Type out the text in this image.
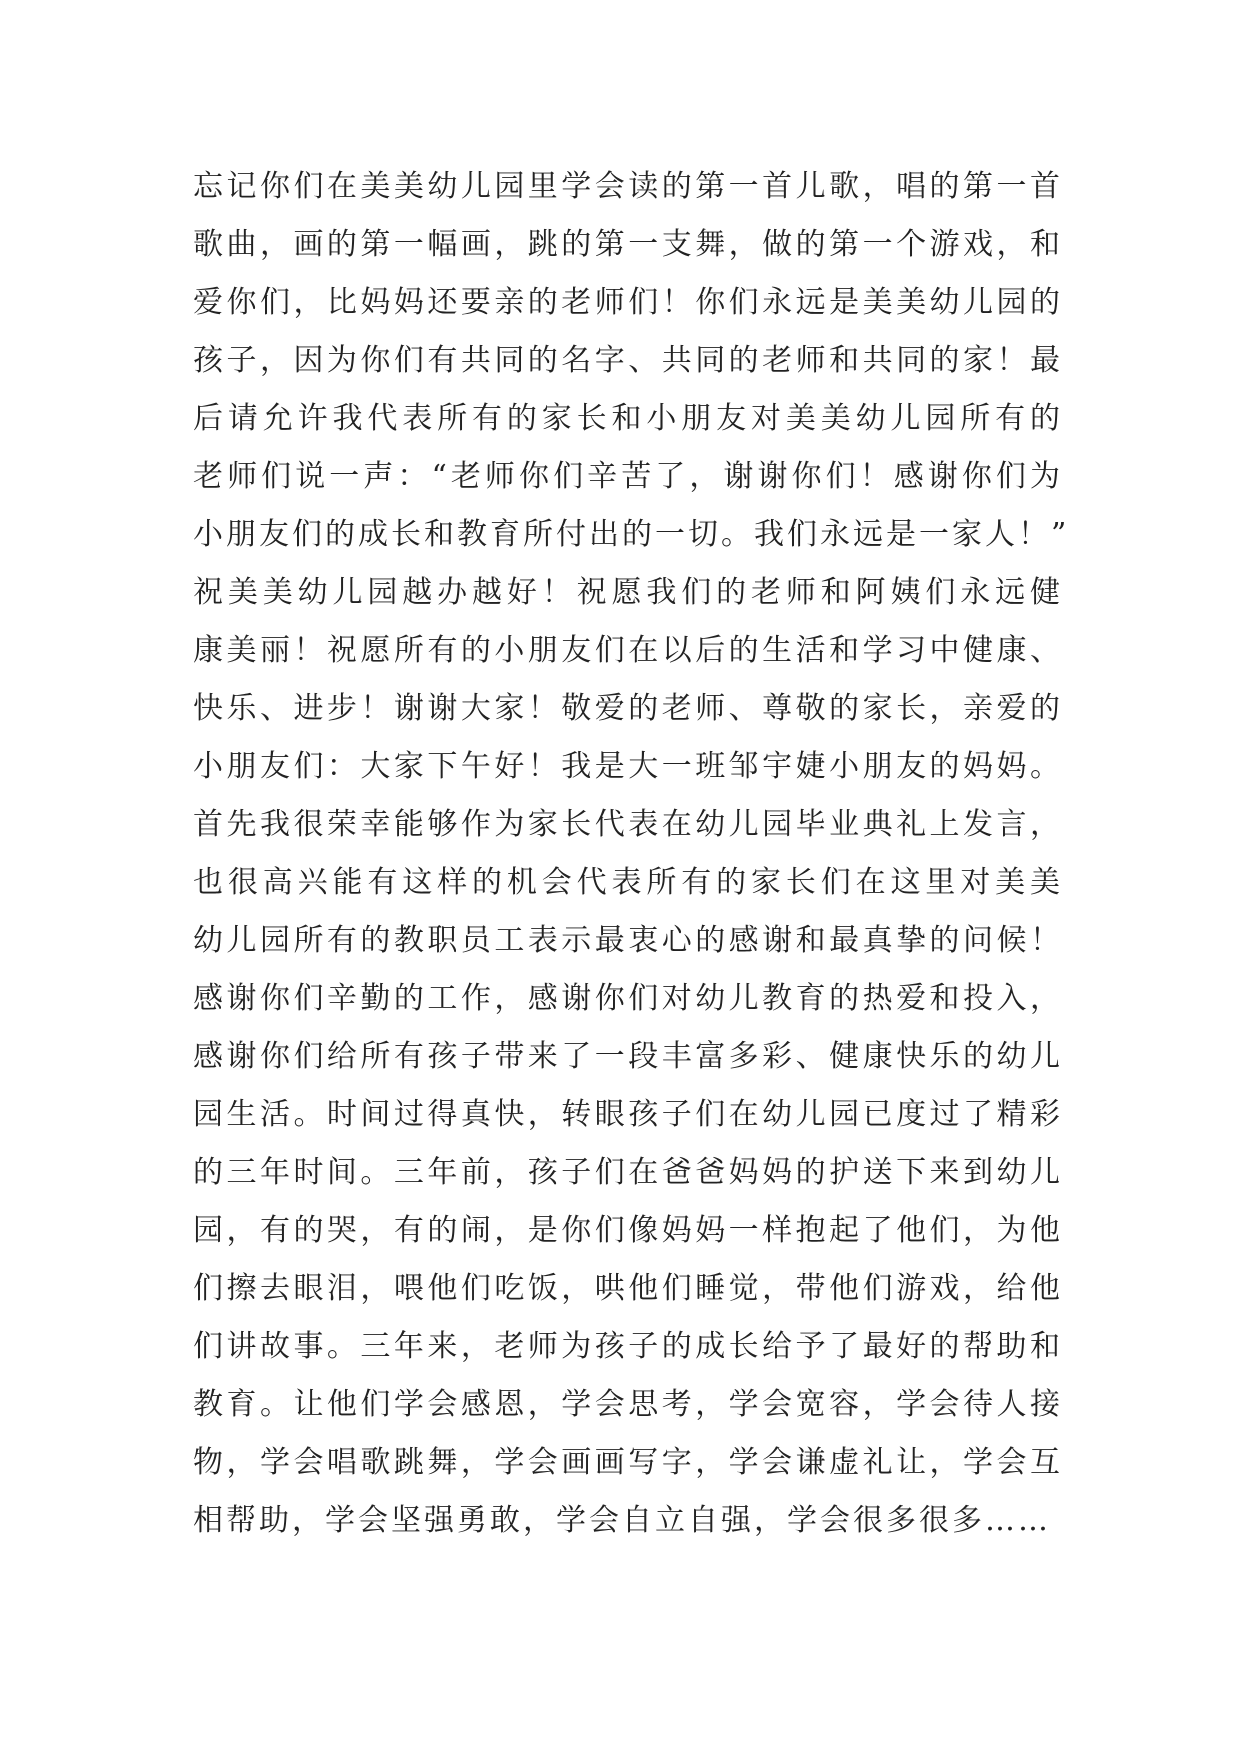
忘记你们在美美幼儿园里学会读的第一首儿歌，唱的第一首
歌曲，画的第一幅画，跳的第一支舞，做的第一个游戏，和
爱你们，比妈妈还要亲的老师们！你们永远是美美幼儿园的
孩子，因为你们有共同的名字、共同的老师和共同的家！最
后请允许我代表所有的家长和小朋友对美美幼儿园所有的
老师们说一声：“老师你们辛苦了，谢谢你们！感谢你们为
小朋友们的成长和教育所付出的一切。我们永远是一家人！”
祝美美幼儿园越办越好！祝愿我们的老师和阿姨们永远健
康美丽！祝愿所有的小朋友们在以后的生活和学习中健康、
快乐、进步！谢谢大家！敬爱的老师、尊敬的家长，亲爱的
小朋友们：大家下午好！我是大一班邹宇婕小朋友的妈妈。
首先我很荣幸能够作为家长代表在幼儿园毕业典礼上发言，
也很高兴能有这样的机会代表所有的家长们在这里对美美
幼儿园所有的教职员工表示最衷心的感谢和最真挚的问候！
感谢你们辛勤的工作，感谢你们对幼儿教育的热爱和投入，
感谢你们给所有孩子带来了一段丰富多彩、健康快乐的幼儿
园生活。时间过得真快，转眼孩子们在幼儿园已度过了精彩
的三年时间。三年前，孩子们在爸爸妈妈的护送下来到幼儿
园，有的哭，有的闹，是你们像妈妈一样抱起了他们，为他
们擦去眼泪，喂他们吃饭，哄他们睡觉，带他们游戏，给他
们讲故事。三年来，老师为孩子的成长给予了最好的帮助和
教育。让他们学会感恩，学会思考，学会宽容，学会待人接
物，学会唱歌跳舞，学会画画写字，学会谦虚礼让，学会互
相帮助，学会坚强勇敢，学会自立自强，学会很多很多……
